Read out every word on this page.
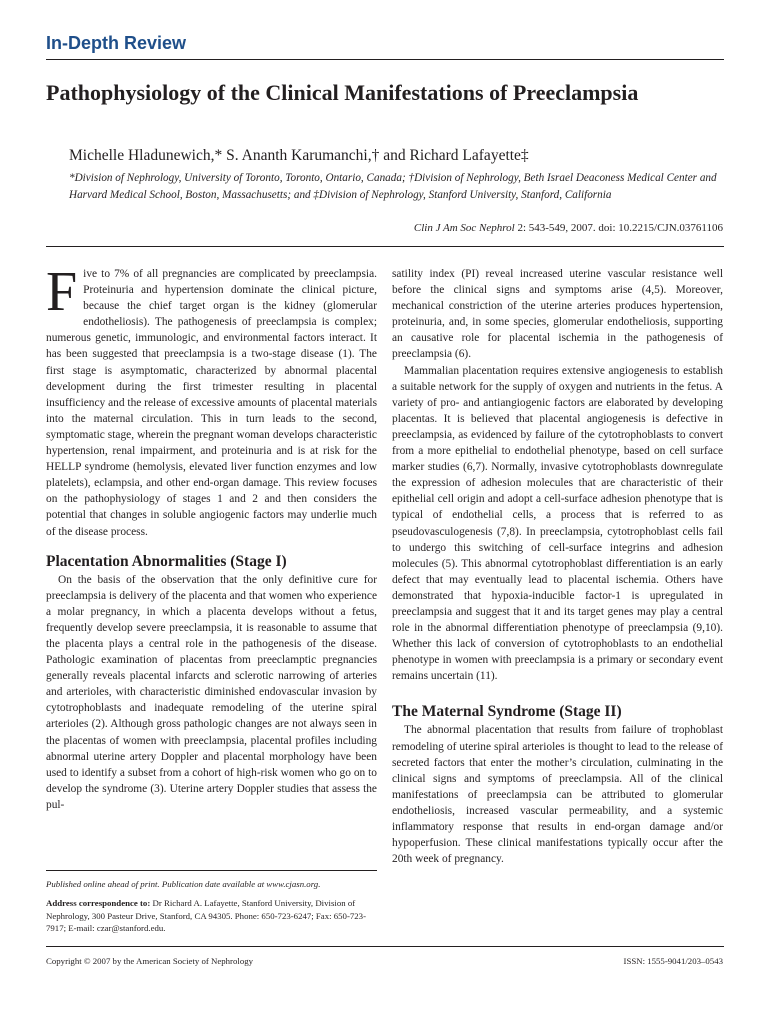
In-Depth Review
Pathophysiology of the Clinical Manifestations of Preeclampsia
Michelle Hladunewich,* S. Ananth Karumanchi,† and Richard Lafayette‡
*Division of Nephrology, University of Toronto, Toronto, Ontario, Canada; †Division of Nephrology, Beth Israel Deaconess Medical Center and Harvard Medical School, Boston, Massachusetts; and ‡Division of Nephrology, Stanford University, Stanford, California
Clin J Am Soc Nephrol 2: 543-549, 2007. doi: 10.2215/CJN.03761106

Five to 7% of all pregnancies are complicated by preeclampsia. Proteinuria and hypertension dominate the clinical picture, because the chief target organ is the kidney (glomerular endotheliosis). The pathogenesis of preeclampsia is complex; numerous genetic, immunologic, and environmental factors interact. It has been suggested that preeclampsia is a two-stage disease (1). The first stage is asymptomatic, characterized by abnormal placental development during the first trimester resulting in placental insufficiency and the release of excessive amounts of placental materials into the maternal circulation. This in turn leads to the second, symptomatic stage, wherein the pregnant woman develops characteristic hypertension, renal impairment, and proteinuria and is at risk for the HELLP syndrome (hemolysis, elevated liver function enzymes and low platelets), eclampsia, and other end-organ damage. This review focuses on the pathophysiology of stages 1 and 2 and then considers the potential that changes in soluble angiogenic factors may underlie much of the disease process.

Placentation Abnormalities (Stage I)

On the basis of the observation that the only definitive cure for preeclampsia is delivery of the placenta and that women who experience a molar pregnancy, in which a placenta develops without a fetus, frequently develop severe preeclampsia, it is reasonable to assume that the placenta plays a central role in the pathogenesis of the disease. Pathologic examination of placentas from preeclamptic pregnancies generally reveals placental infarcts and sclerotic narrowing of arteries and arterioles, with characteristic diminished endovascular invasion by cytotrophoblasts and inadequate remodeling of the uterine spiral arterioles (2). Although gross pathologic changes are not always seen in the placentas of women with preeclampsia, placental profiles including abnormal uterine artery Doppler and placental morphology have been used to identify a subset from a cohort of high-risk women who go on to develop the syndrome (3). Uterine artery Doppler studies that assess the pul-

satility index (PI) reveal increased uterine vascular resistance well before the clinical signs and symptoms arise (4,5). Moreover, mechanical constriction of the uterine arteries produces hypertension, proteinuria, and, in some species, glomerular endotheliosis, supporting an causative role for placental ischemia in the pathogenesis of preeclampsia (6).

Mammalian placentation requires extensive angiogenesis to establish a suitable network for the supply of oxygen and nutrients in the fetus. A variety of pro- and antiangiogenic factors are elaborated by developing placentas. It is believed that placental angiogenesis is defective in preeclampsia, as evidenced by failure of the cytotrophoblasts to convert from a more epithelial to endothelial phenotype, based on cell surface marker studies (6,7). Normally, invasive cytotrophoblasts downregulate the expression of adhesion molecules that are characteristic of their epithelial cell origin and adopt a cell-surface adhesion phenotype that is typical of endothelial cells, a process that is referred to as pseudovasculogenesis (7,8). In preeclampsia, cytotrophoblast cells fail to undergo this switching of cell-surface integrins and adhesion molecules (5). This abnormal cytotrophoblast differentiation is an early defect that may eventually lead to placental ischemia. Others have demonstrated that hypoxia-inducible factor-1 is upregulated in preeclampsia and suggest that it and its target genes may play a central role in the abnormal differentiation phenotype of preeclampsia (9,10). Whether this lack of conversion of cytotrophoblasts to an endothelial phenotype in women with preeclampsia is a primary or secondary event remains uncertain (11).

The Maternal Syndrome (Stage II)

The abnormal placentation that results from failure of trophoblast remodeling of uterine spiral arterioles is thought to lead to the release of secreted factors that enter the mother’s circulation, culminating in the clinical signs and symptoms of preeclampsia. All of the clinical manifestations of preeclampsia can be attributed to glomerular endotheliosis, increased vascular permeability, and a systemic inflammatory response that results in end-organ damage and/or hypoperfusion. These clinical manifestations typically occur after the 20th week of pregnancy.

Published online ahead of print. Publication date available at www.cjasn.org.
Address correspondence to: Dr Richard A. Lafayette, Stanford University, Division of Nephrology, 300 Pasteur Drive, Stanford, CA 94305. Phone: 650-723-6247; Fax: 650-723-7917; E-mail: czar@stanford.edu.
Copyright © 2007 by the American Society of Nephrology	ISSN: 1555-9041/203–0543
